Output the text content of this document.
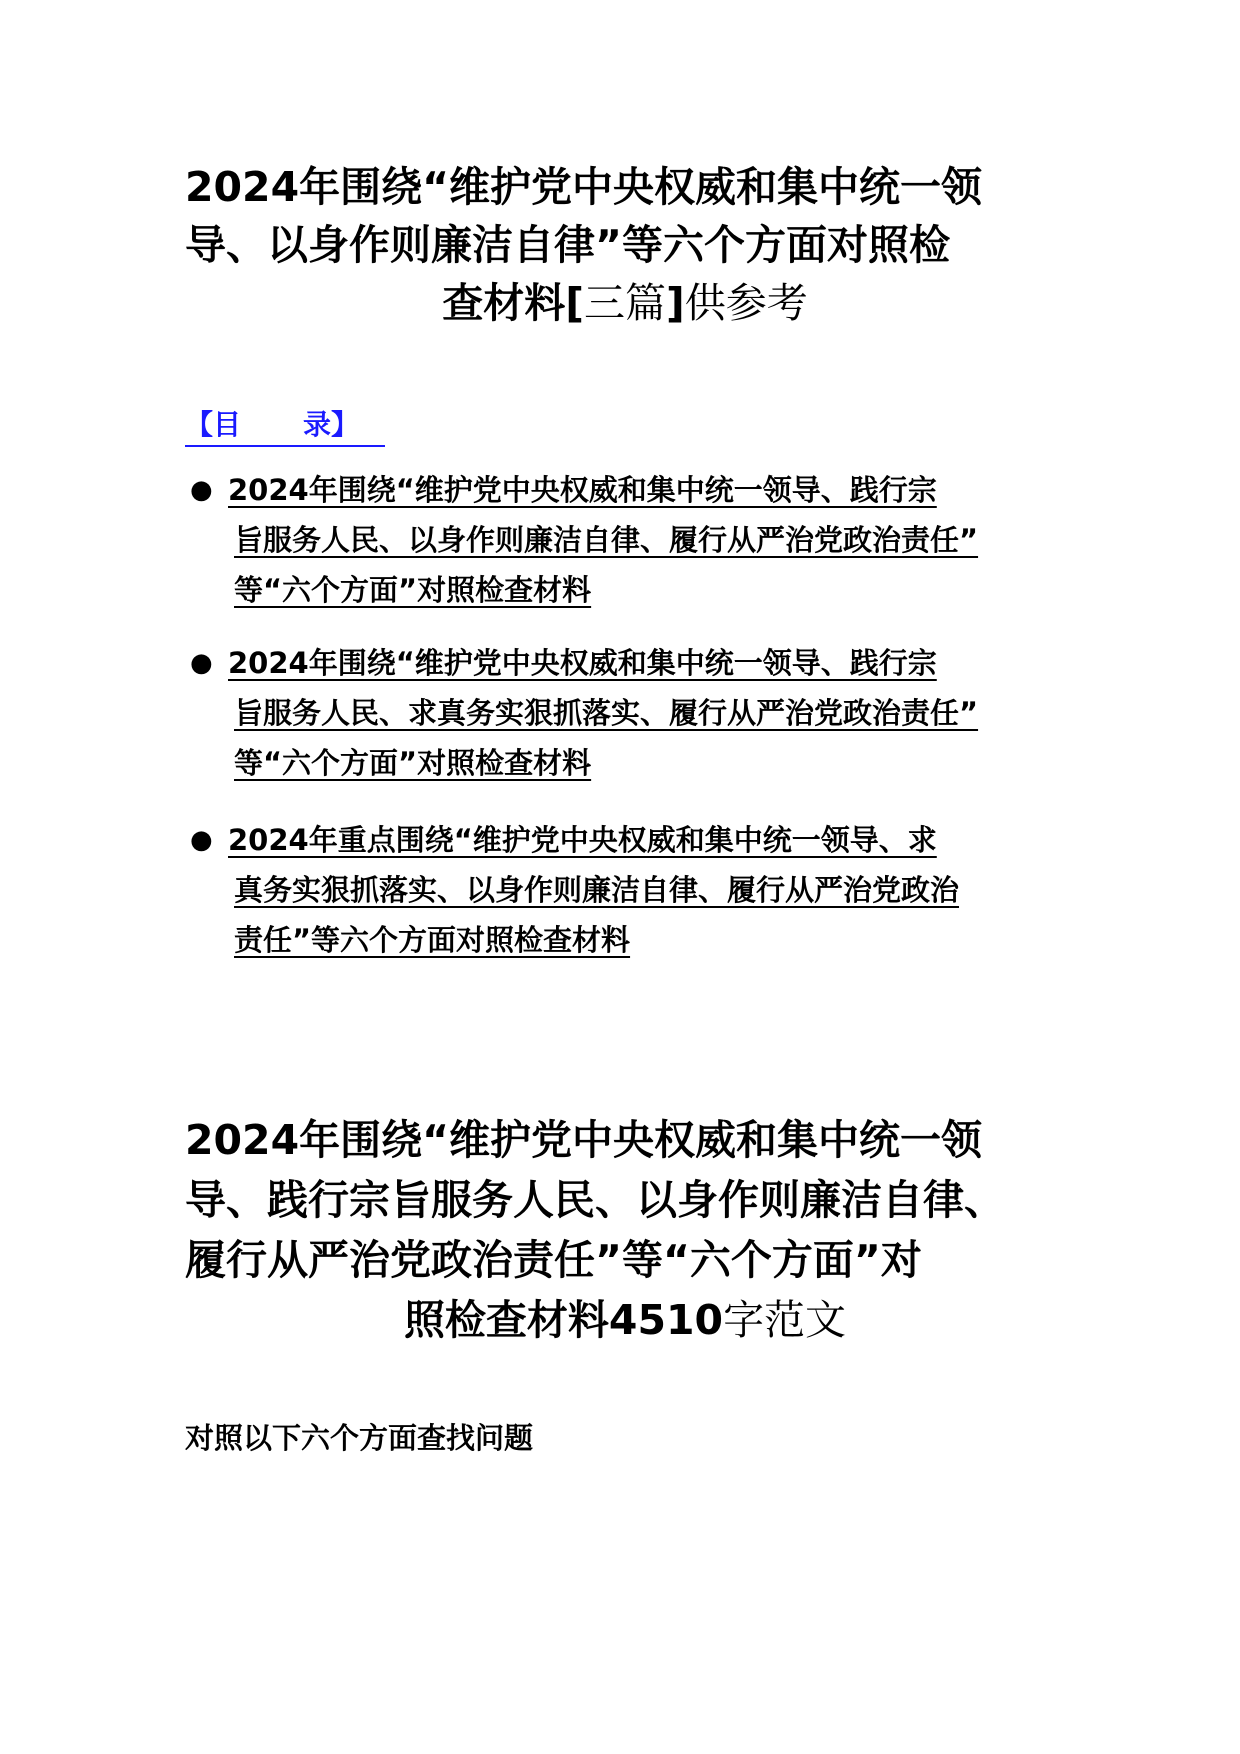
2024年围绕“维护党中央权威和集中统一领
导、以身作则廉洁自律”等六个方面对照检
查材料[三篇]供参考
【目 录】
● 2024年围绕“维护党中央权威和集中统一领导、践行宗
旨服务人民、以身作则廉洁自律、履行从严治党政治责任”
等“六个方面”对照检查材料
● 2024年围绕“维护党中央权威和集中统一领导、践行宗
旨服务人民、求真务实狠抓落实、履行从严治党政治责任”
等“六个方面”对照检查材料
● 2024年重点围绕“维护党中央权威和集中统一领导、求
真务实狠抓落实、以身作则廉洁自律、履行从严治党政治
责任”等六个方面对照检查材料
2024年围绕“维护党中央权威和集中统一领
导、践行宗旨服务人民、以身作则廉洁自律、
履行从严治党政治责任”等“六个方面”对
照检查材料4510字范文
对照以下六个方面查找问题
